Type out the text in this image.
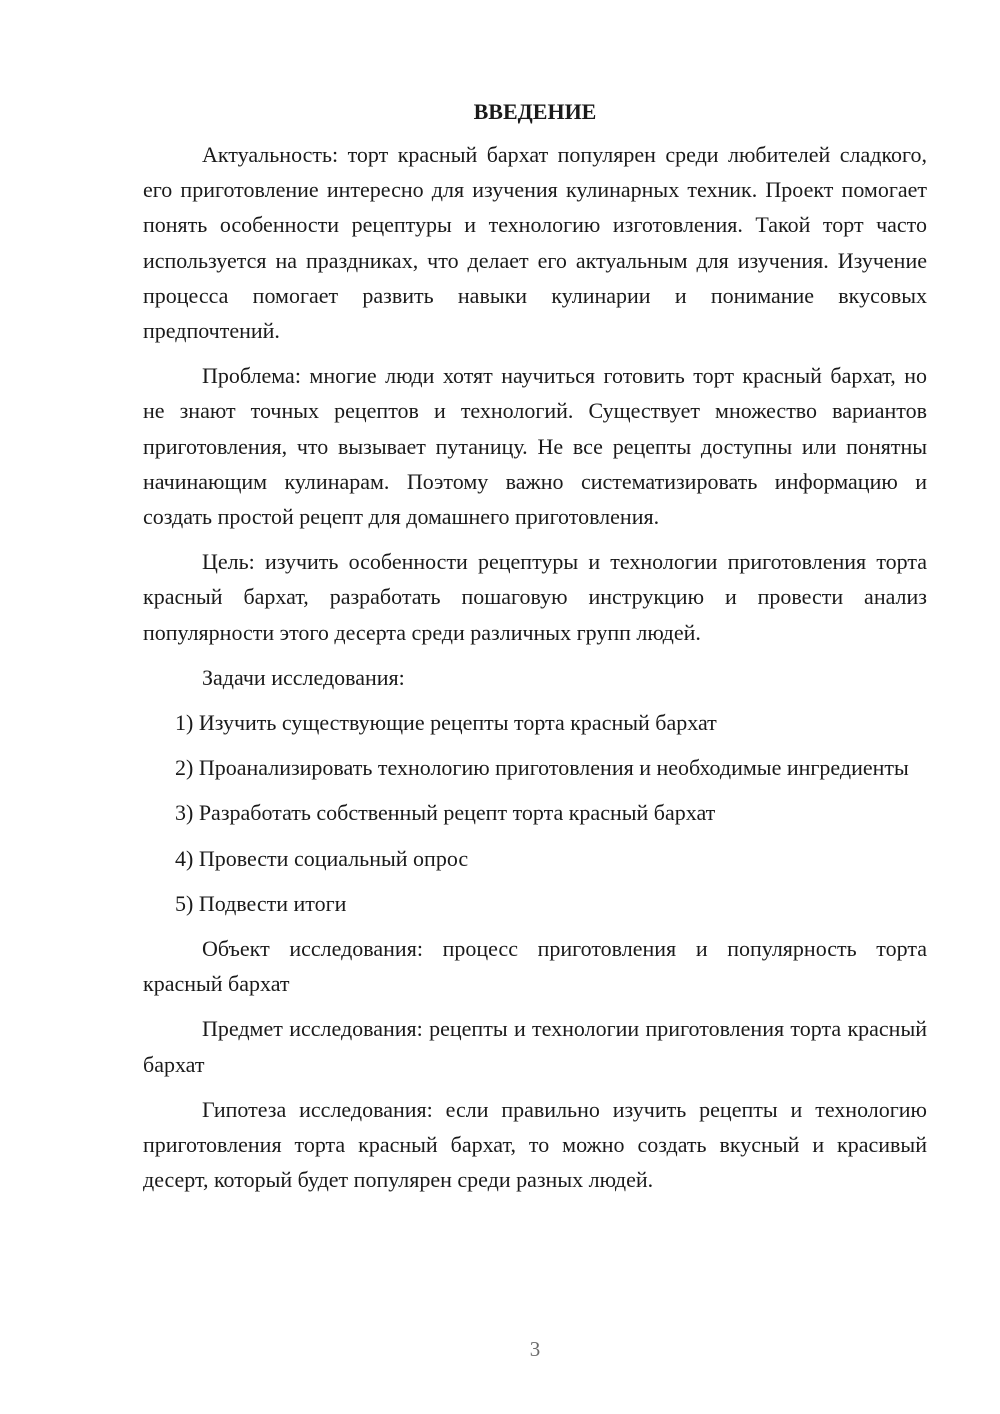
ВВЕДЕНИЕ

Актуальность: торт красный бархат популярен среди любителей сладкого, его приготовление интересно для изучения кулинарных техник. Проект помогает понять особенности рецептуры и технологию изготовления. Такой торт часто используется на праздниках, что делает его актуальным для изучения. Изучение процесса помогает развить навыки кулинарии и понимание вкусовых предпочтений.

Проблема: многие люди хотят научиться готовить торт красный бархат, но не знают точных рецептов и технологий. Существует множество вариантов приготовления, что вызывает путаницу. Не все рецепты доступны или понятны начинающим кулинарам. Поэтому важно систематизировать информацию и создать простой рецепт для домашнего приготовления.

Цель: изучить особенности рецептуры и технологии приготовления торта красный бархат, разработать пошаговую инструкцию и провести анализ популярности этого десерта среди различных групп людей.

Задачи исследования:

1) Изучить существующие рецепты торта красный бархат

2) Проанализировать технологию приготовления и необходимые ингредиенты

3) Разработать собственный рецепт торта красный бархат

4) Провести социальный опрос

5) Подвести итоги

Объект исследования: процесс приготовления и популярность торта красный бархат

Предмет исследования: рецепты и технологии приготовления торта красный бархат

Гипотеза исследования: если правильно изучить рецепты и технологию приготовления торта красный бархат, то можно создать вкусный и красивый десерт, который будет популярен среди разных людей.

3
